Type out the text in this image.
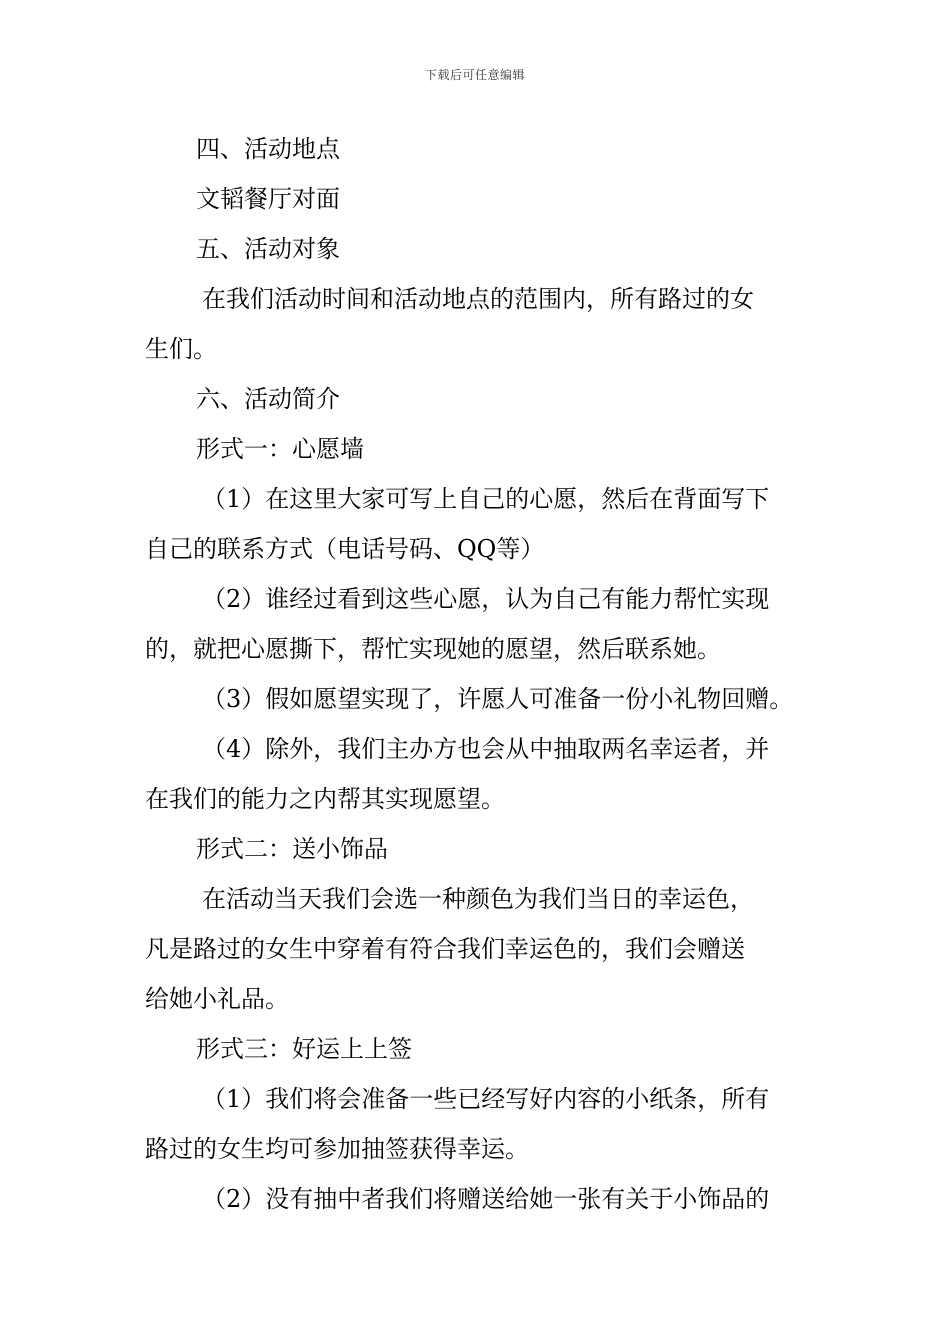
下载后可任意编辑
四、活动地点
文韬餐厅对面
五、活动对象
在我们活动时间和活动地点的范围内，所有路过的女
生们。
六、活动简介
形式一：心愿墙
（1）在这里大家可写上自己的心愿，然后在背面写下
自己的联系方式（电话号码、QQ等）
（2）谁经过看到这些心愿，认为自己有能力帮忙实现
的，就把心愿撕下，帮忙实现她的愿望，然后联系她。
（3）假如愿望实现了，许愿人可准备一份小礼物回赠。
（4）除外，我们主办方也会从中抽取两名幸运者，并
在我们的能力之内帮其实现愿望。
形式二：送小饰品
在活动当天我们会选一种颜色为我们当日的幸运色，
凡是路过的女生中穿着有符合我们幸运色的，我们会赠送
给她小礼品。
形式三：好运上上签
（1）我们将会准备一些已经写好内容的小纸条，所有
路过的女生均可参加抽签获得幸运。
（2）没有抽中者我们将赠送给她一张有关于小饰品的
